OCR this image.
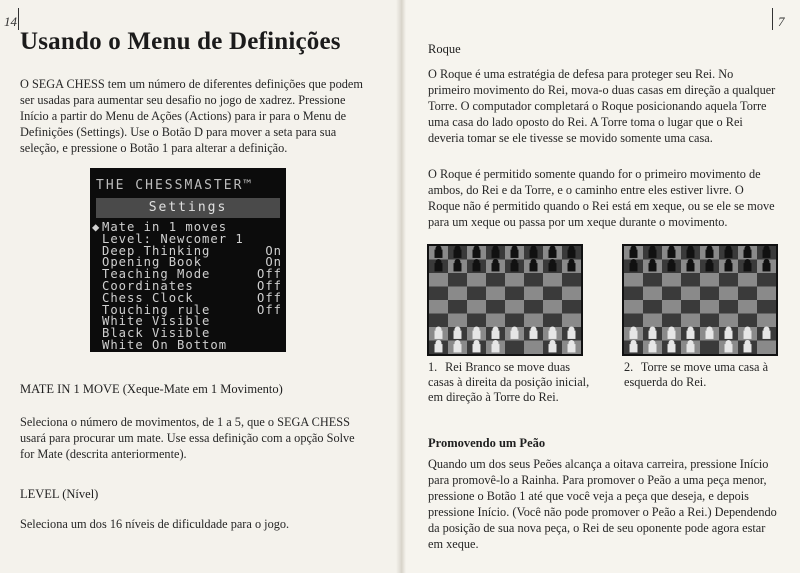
14	7
Usando o Menu de Definições

O SEGA CHESS tem um número de diferentes definições que podem ser usadas para aumentar seu desafio no jogo de xadrez. Pressione Início a partir do Menu de Ações (Actions) para ir para o Menu de Definições (Settings). Use o Botão D para mover a seta para sua seleção, e pressione o Botão 1 para alterar a definição.

THE CHESSMASTER™
Settings
◆ Mate in 1 moves
Level: Newcomer 1
Deep Thinking	On
Opening Book	On
Teaching Mode	Off
Coordinates	Off
Chess Clock	Off
Touching rule	Off
White Visible
Black Visible
White On Bottom
MATE IN 1 MOVE (Xeque-Mate em 1 Movimento)

Seleciona o número de movimentos, de 1 a 5, que o SEGA CHESS usará para procurar um mate. Use essa definição com a opção Solve for Mate (descrita anteriormente).

LEVEL (Nível)

Seleciona um dos 16 níveis de dificuldade para o jogo.

Roque

O Roque é uma estratégia de defesa para proteger seu Rei. No primeiro movimento do Rei, mova-o duas casas em direção a qualquer Torre. O computador completará o Roque posicionando aquela Torre uma casa do lado oposto do Rei. A Torre toma o lugar que o Rei deveria tomar se ele tivesse se movido somente uma casa.

O Roque é permitido somente quando for o primeiro movimento de ambos, do Rei e da Torre, e o caminho entre eles estiver livre. O Roque não é permitido quando o Rei está em xeque, ou se ele se move para um xeque ou passa por um xeque durante o movimento.

1. Rei Branco se move duas casas à direita da posição inicial, em direção à Torre do Rei.
2. Torre se move uma casa à esquerda do Rei.
Promovendo um Peão

Quando um dos seus Peões alcança a oitava carreira, pressione Início para promovê-lo a Rainha. Para promover o Peão a uma peça menor, pressione o Botão 1 até que você veja a peça que deseja, e depois pressione Início. (Você não pode promover o Peão a Rei.) Dependendo da posição de sua nova peça, o Rei de seu oponente pode agora estar em xeque.
